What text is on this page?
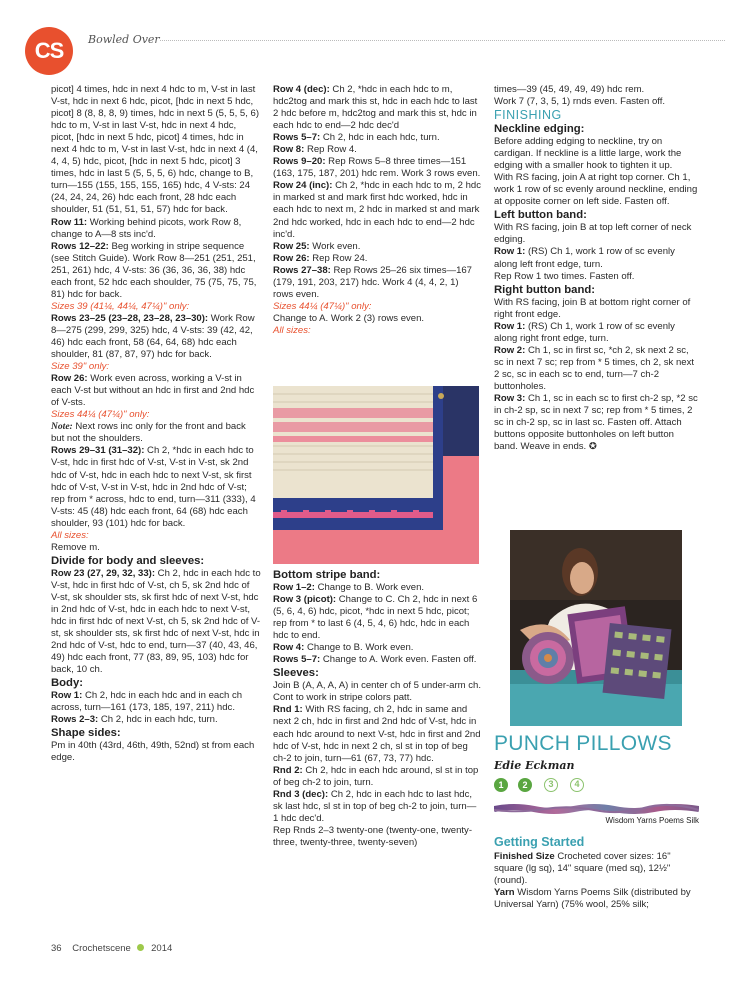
CS	Bowled Over

picot] 4 times, hdc in next 4 hdc to m, V-st in last V-st, hdc in next 6 hdc, picot, [hdc in next 5 hdc, picot] 8 (8, 8, 8, 9) times, hdc in next 5 (5, 5, 5, 6) hdc to m, V-st in last V-st, hdc in next 4 hdc, picot, [hdc in next 5 hdc, picot] 4 times, hdc in next 4 hdc to m, V-st in last V-st, hdc in next 4 (4, 4, 4, 5) hdc, picot, [hdc in next 5 hdc, picot] 3 times, hdc in last 5 (5, 5, 5, 6) hdc, change to B, turn—155 (155, 155, 155, 165) hdc, 4 V-sts: 24 (24, 24, 24, 26) hdc each front, 28 hdc each shoulder, 51 (51, 51, 51, 57) hdc for back.

Row 11: Working behind picots, work Row 8, change to A—8 sts inc'd.

Rows 12–22: Beg working in stripe sequence (see Stitch Guide). Work Row 8—251 (251, 251, 251, 261) hdc, 4 V-sts: 36 (36, 36, 36, 38) hdc each front, 52 hdc each shoulder, 75 (75, 75, 75, 81) hdc for back.

Sizes 39 (41¼, 44¼, 47¼)" only:

Rows 23–25 (23–28, 23–28, 23–30): Work Row 8—275 (299, 299, 325) hdc, 4 V-sts: 39 (42, 42, 46) hdc each front, 58 (64, 64, 68) hdc each shoulder, 81 (87, 87, 97) hdc for back.

Size 39" only:

Row 26: Work even across, working a V-st in each V-st but without an hdc in first and 2nd hdc of V-sts.

Sizes 44¼ (47¼)" only:

Note: Next rows inc only for the front and back but not the shoulders.

Rows 29–31 (31–32): Ch 2, *hdc in each hdc to V-st, hdc in first hdc of V-st, V-st in V-st, sk 2nd hdc of V-st, hdc in each hdc to next V-st, sk first hdc of V-st, V-st in V-st, hdc in 2nd hdc of V-st; rep from * across, hdc to end, turn—311 (333), 4 V-sts: 45 (48) hdc each front, 64 (68) hdc each shoulder, 93 (101) hdc for back.

All sizes:

Remove m.

Divide for body and sleeves:

Row 23 (27, 29, 32, 33): Ch 2, hdc in each hdc to V-st, hdc in first hdc of V-st, ch 5, sk 2nd hdc of V-st, sk shoulder sts, sk first hdc of next V-st, hdc in 2nd hdc of V-st, hdc in each hdc to next V-st, hdc in first hdc of next V-st, ch 5, sk 2nd hdc of V-st, sk shoulder sts, sk first hdc of next V-st, hdc in 2nd hdc of V-st, hdc to end, turn—37 (40, 43, 46, 49) hdc each front, 77 (83, 89, 95, 103) hdc for back, 10 ch.

Body:

Row 1: Ch 2, hdc in each hdc and in each ch across, turn—161 (173, 185, 197, 211) hdc.

Rows 2–3: Ch 2, hdc in each hdc, turn.

Shape sides:

Pm in 40th (43rd, 46th, 49th, 52nd) st from each edge.

Row 4 (dec): Ch 2, *hdc in each hdc to m, hdc2tog and mark this st, hdc in each hdc to last 2 hdc before m, hdc2tog and mark this st, hdc in each hdc to end—2 hdc dec'd

Rows 5–7: Ch 2, hdc in each hdc, turn.

Row 8: Rep Row 4.

Rows 9–20: Rep Rows 5–8 three times—151 (163, 175, 187, 201) hdc rem. Work 3 rows even.

Row 24 (inc): Ch 2, *hdc in each hdc to m, 2 hdc in marked st and mark first hdc worked, hdc in each hdc to next m, 2 hdc in marked st and mark 2nd hdc worked, hdc in each hdc to end—2 hdc inc'd.

Row 25: Work even.

Row 26: Rep Row 24.

Rows 27–38: Rep Rows 25–26 six times—167 (179, 191, 203, 217) hdc. Work 4 (4, 4, 2, 1) rows even.

Sizes 44¼ (47¼)" only:

Change to A. Work 2 (3) rows even.

All sizes:

Bottom stripe band:

Row 1–2: Change to B. Work even.

Row 3 (picot): Change to C. Ch 2, hdc in next 6 (5, 6, 4, 6) hdc, picot, *hdc in next 5 hdc, picot; rep from * to last 6 (4, 5, 4, 6) hdc, hdc in each hdc to end.

Row 4: Change to B. Work even.

Rows 5–7: Change to A. Work even. Fasten off.

Sleeves:

Join B (A, A, A, A) in center ch of 5 under-arm ch. Cont to work in stripe colors patt.

Rnd 1: With RS facing, ch 2, hdc in same and next 2 ch, hdc in first and 2nd hdc of V-st, hdc in each hdc around to next V-st, hdc in first and 2nd hdc of V-st, hdc in next 2 ch, sl st in top of beg ch-2 to join, turn—61 (67, 73, 77) hdc.

Rnd 2: Ch 2, hdc in each hdc around, sl st in top of beg ch-2 to join, turn.

Rnd 3 (dec): Ch 2, hdc in each hdc to last hdc, sk last hdc, sl st in top of beg ch-2 to join, turn—1 hdc dec'd.

Rep Rnds 2–3 twenty-one (twenty-one, twenty-three, twenty-three, twenty-seven)

times—39 (45, 49, 49, 49) hdc rem.

Work 7 (7, 3, 5, 1) rnds even. Fasten off.

FINISHING

Neckline edging:

Before adding edging to neckline, try on cardigan. If neckline is a little large, work the edging with a smaller hook to tighten it up.

With RS facing, join A at right top corner. Ch 1, work 1 row of sc evenly around neckline, ending at opposite corner on left side. Fasten off.

Left button band:

With RS facing, join B at top left corner of neck edging.

Row 1: (RS) Ch 1, work 1 row of sc evenly along left front edge, turn.

Rep Row 1 two times. Fasten off.

Right button band:

With RS facing, join B at bottom right corner of right front edge.

Row 1: (RS) Ch 1, work 1 row of sc evenly along right front edge, turn.

Row 2: Ch 1, sc in first sc, *ch 2, sk next 2 sc, sc in next 7 sc; rep from * 5 times, ch 2, sk next 2 sc, sc in each sc to end, turn—7 ch-2 buttonholes.

Row 3: Ch 1, sc in each sc to first ch-2 sp, *2 sc in ch-2 sp, sc in next 7 sc; rep from * 5 times, 2 sc in ch-2 sp, sc in last sc. Fasten off. Attach buttons opposite buttonholes on left button band. Weave in ends. ✪

PUNCH PILLOWS
Edie Eckman
1	2	3	4
Wisdom Yarns Poems Silk
Getting Started

Finished Size Crocheted cover sizes: 16" square (lg sq), 14" square (med sq), 12½" (round).

Yarn Wisdom Yarns Poems Silk (distributed by Universal Yarn) (75% wool, 25% silk;

36 Crochetscene 2014
